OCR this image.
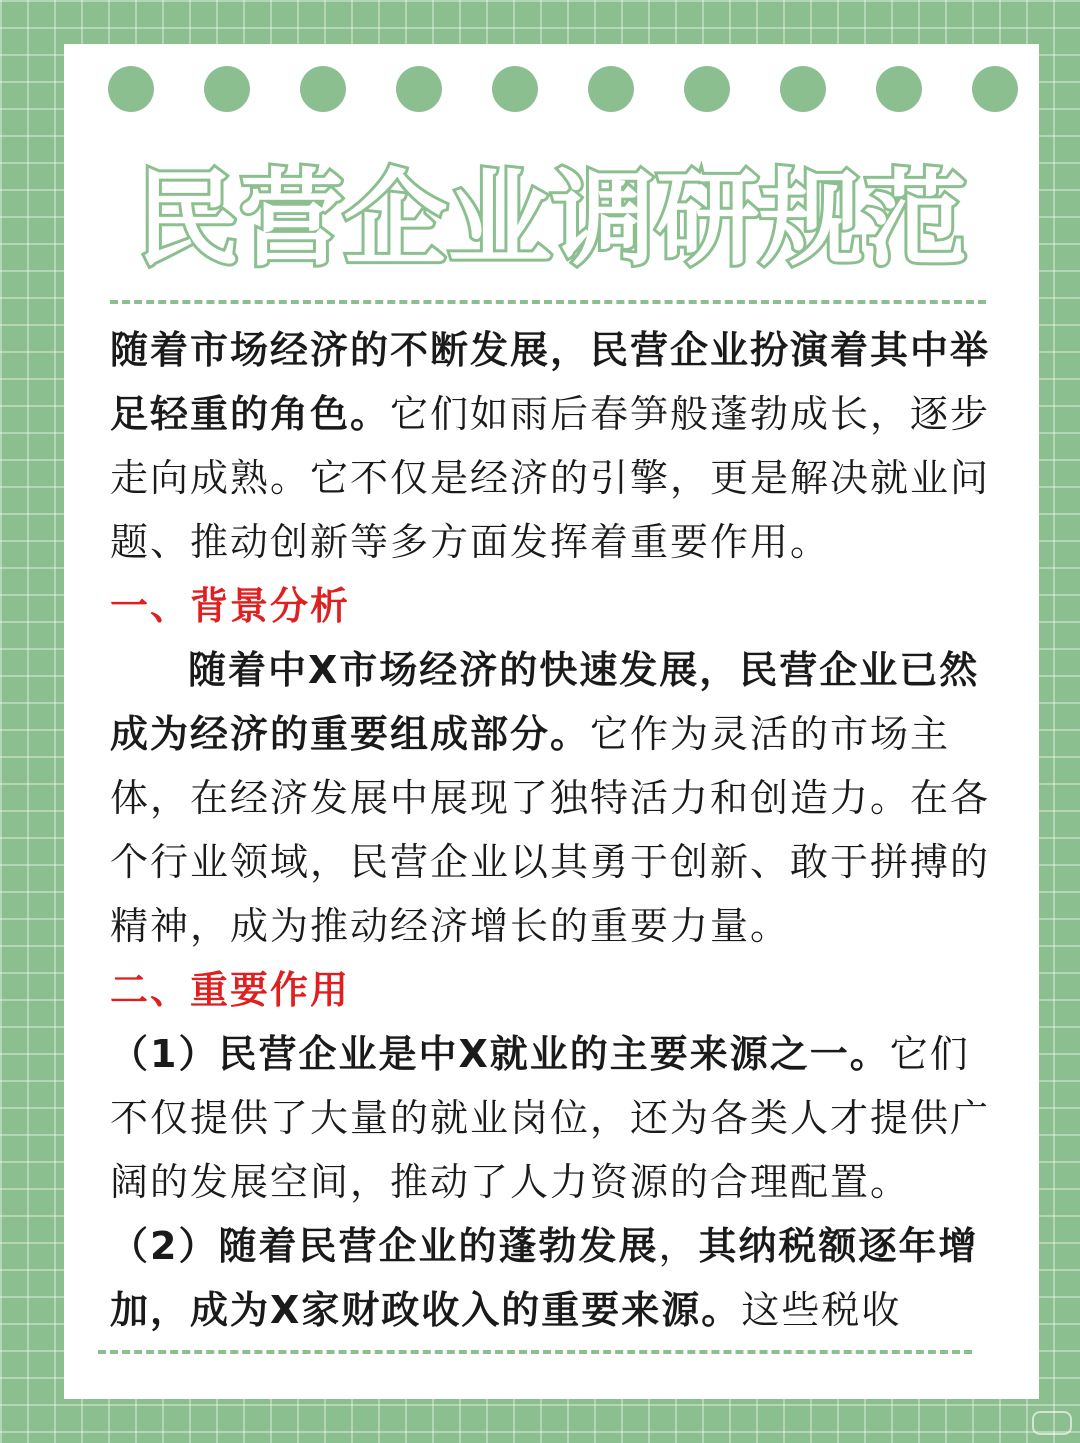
民营企业调研规范

随着市场经济的不断发展，民营企业扮演着其中举足轻重的角色。它们如雨后春笋般蓬勃成长，逐步走向成熟。它不仅是经济的引擎，更是解决就业问题、推动创新等多方面发挥着重要作用。

一、背景分析

随着中X市场经济的快速发展，民营企业已然成为经济的重要组成部分。它作为灵活的市场主体，在经济发展中展现了独特活力和创造力。在各个行业领域，民营企业以其勇于创新、敢于拼搏的精神，成为推动经济增长的重要力量。

二、重要作用

（1）民营企业是中X就业的主要来源之一。它们不仅提供了大量的就业岗位，还为各类人才提供广阔的发展空间，推动了人力资源的合理配置。

（2）随着民营企业的蓬勃发展，其纳税额逐年增加，成为X家财政收入的重要来源。这些税收
